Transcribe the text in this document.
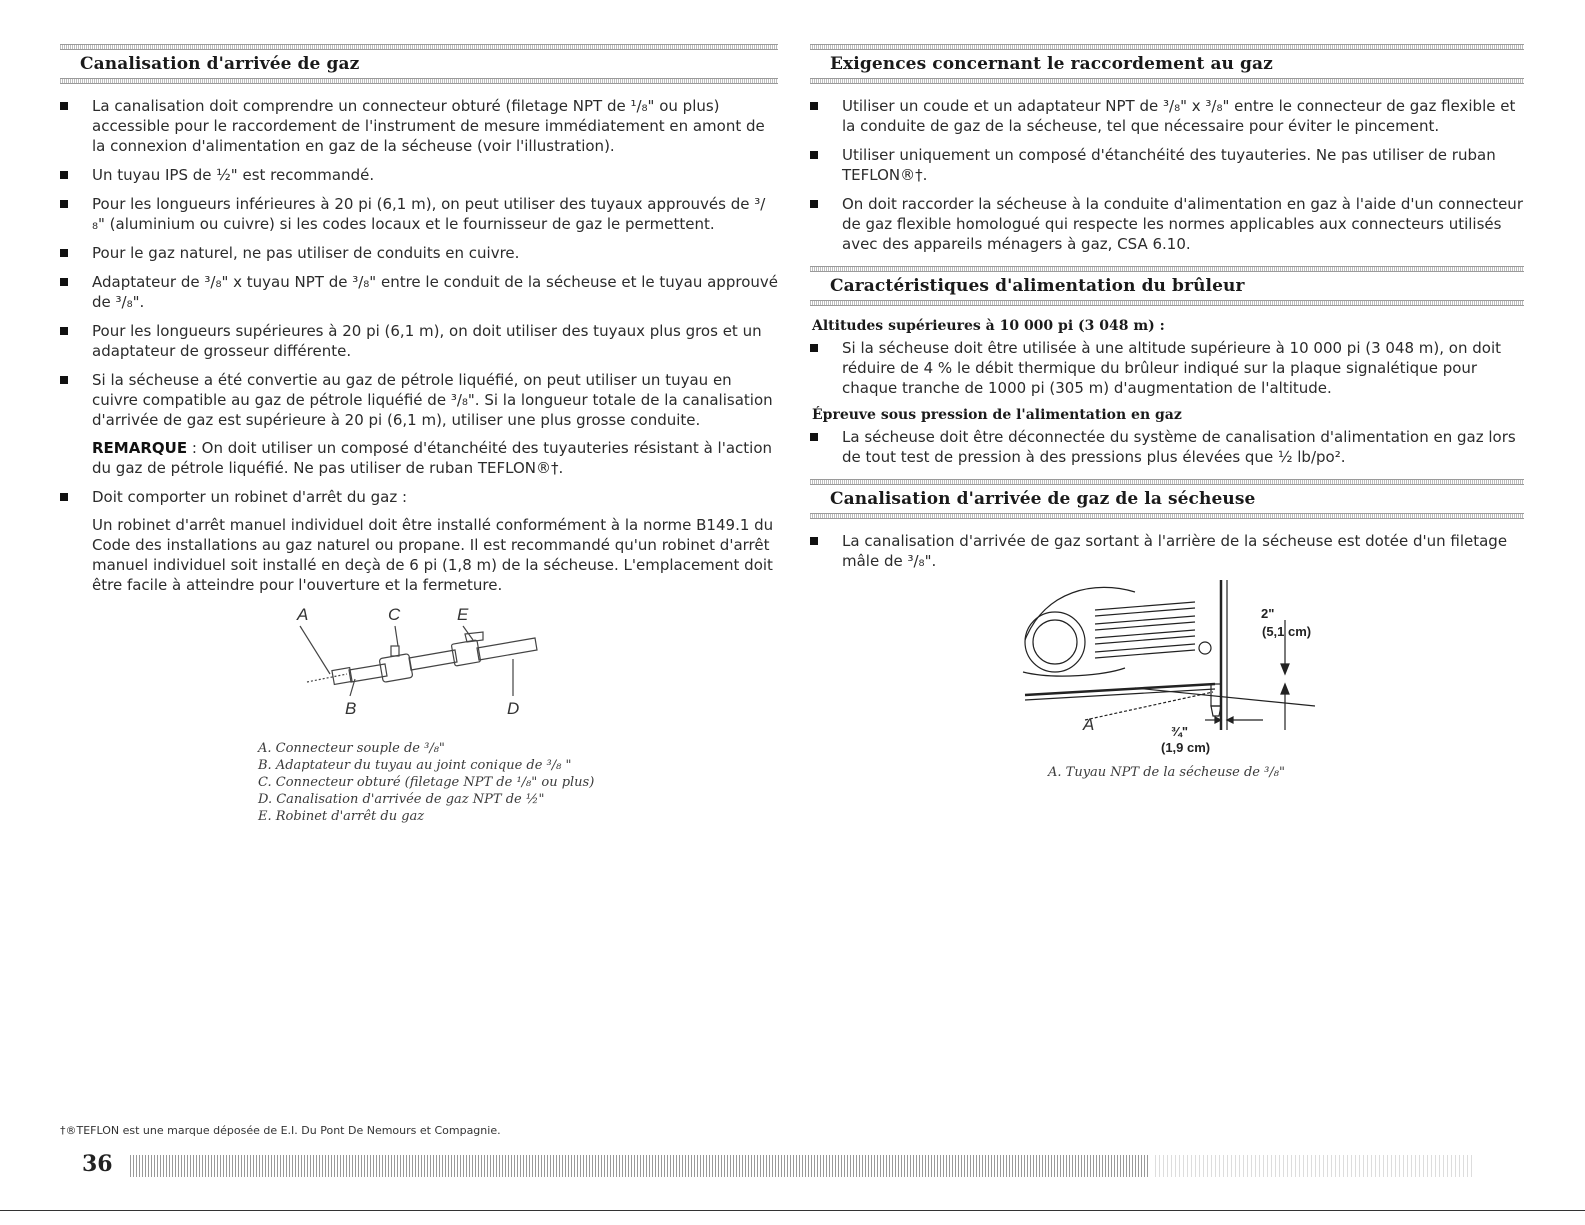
Canalisation d'arrivée de gaz
La canalisation doit comprendre un connecteur obturé (filetage NPT de ¹/₈" ou plus) accessible pour le raccordement de l'instrument de mesure immédiatement en amont de la connexion d'alimentation en gaz de la sécheuse (voir l'illustration).
Un tuyau IPS de ½" est recommandé.
Pour les longueurs inférieures à 20 pi (6,1 m), on peut utiliser des tuyaux approuvés de ³/₈" (aluminium ou cuivre) si les codes locaux et le fournisseur de gaz le permettent.
Pour le gaz naturel, ne pas utiliser de conduits en cuivre.
Adaptateur de ³/₈" x tuyau NPT de ³/₈" entre le conduit de la sécheuse et le tuyau approuvé de ³/₈".
Pour les longueurs supérieures à 20 pi (6,1 m), on doit utiliser des tuyaux plus gros et un adaptateur de grosseur différente.
Si la sécheuse a été convertie au gaz de pétrole liquéfié, on peut utiliser un tuyau en cuivre compatible au gaz de pétrole liquéfié de ³/₈". Si la longueur totale de la canalisation d'arrivée de gaz est supérieure à 20 pi (6,1 m), utiliser une plus grosse conduite.
REMARQUE : On doit utiliser un composé d'étanchéité des tuyauteries résistant à l'action du gaz de pétrole liquéfié. Ne pas utiliser de ruban TEFLON®†.
Doit comporter un robinet d'arrêt du gaz :
Un robinet d'arrêt manuel individuel doit être installé conformément à la norme B149.1 du Code des installations au gaz naturel ou propane. Il est recommandé qu'un robinet d'arrêt manuel individuel soit installé en deçà de 6 pi (1,8 m) de la sécheuse. L'emplacement doit être facile à atteindre pour l'ouverture et la fermeture.
A	C	E
B	D
A. Connecteur souple de ³/₈"
B. Adaptateur du tuyau au joint conique de ³/₈ "
C. Connecteur obturé (filetage NPT de ¹/₈" ou plus)
D. Canalisation d'arrivée de gaz NPT de ½"
E. Robinet d'arrêt du gaz
Exigences concernant le raccordement au gaz
Utiliser un coude et un adaptateur NPT de ³/₈" x ³/₈" entre le connecteur de gaz flexible et la conduite de gaz de la sécheuse, tel que nécessaire pour éviter le pincement.
Utiliser uniquement un composé d'étanchéité des tuyauteries. Ne pas utiliser de ruban TEFLON®†.
On doit raccorder la sécheuse à la conduite d'alimentation en gaz à l'aide d'un connecteur de gaz flexible homologué qui respecte les normes applicables aux connecteurs utilisés avec des appareils ménagers à gaz, CSA 6.10.
Caractéristiques d'alimentation du brûleur
Altitudes supérieures à 10 000 pi (3 048 m) :
Si la sécheuse doit être utilisée à une altitude supérieure à 10 000 pi (3 048 m), on doit réduire de 4 % le débit thermique du brûleur indiqué sur la plaque signalétique pour chaque tranche de 1000 pi (305 m) d'augmentation de l'altitude.
Épreuve sous pression de l'alimentation en gaz
La sécheuse doit être déconnectée du système de canalisation d'alimentation en gaz lors de tout test de pression à des pressions plus élevées que ½ lb/po².
Canalisation d'arrivée de gaz de la sécheuse
La canalisation d'arrivée de gaz sortant à l'arrière de la sécheuse est dotée d'un filetage mâle de ³/₈".
2"
(5,1 cm)
A	¾"
(1,9 cm)
A. Tuyau NPT de la sécheuse de ³/₈"
†®TEFLON est une marque déposée de E.I. Du Pont De Nemours et Compagnie.
36
